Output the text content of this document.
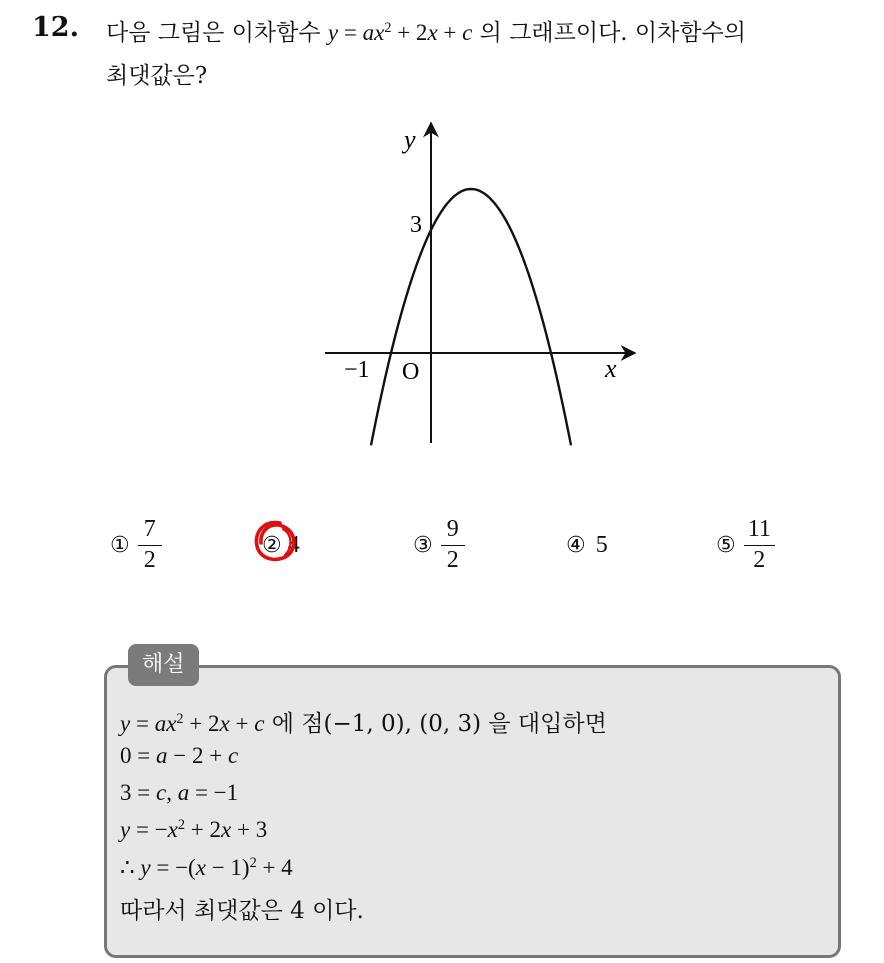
12. 다음 그림은 이차함수 $y = ax^2 + 2x + c$ 의 그래프이다. 이차함수의
최댓값은?
y
x
3
−1 O
① $\frac{7}{2}$	② 4	③ $\frac{9}{2}$	④ 5	⑤ $\frac{11}{2}$
해설
$y = ax^2 + 2x + c$ 에 점(−1, 0), (0, 3) 을 대입하면
0 = a − 2 + c
3 = c, a = −1
$y = -x^2 + 2x + 3$
∴ $y = -(x - 1)^2 + 4$
따라서 최댓값은 4 이다.
